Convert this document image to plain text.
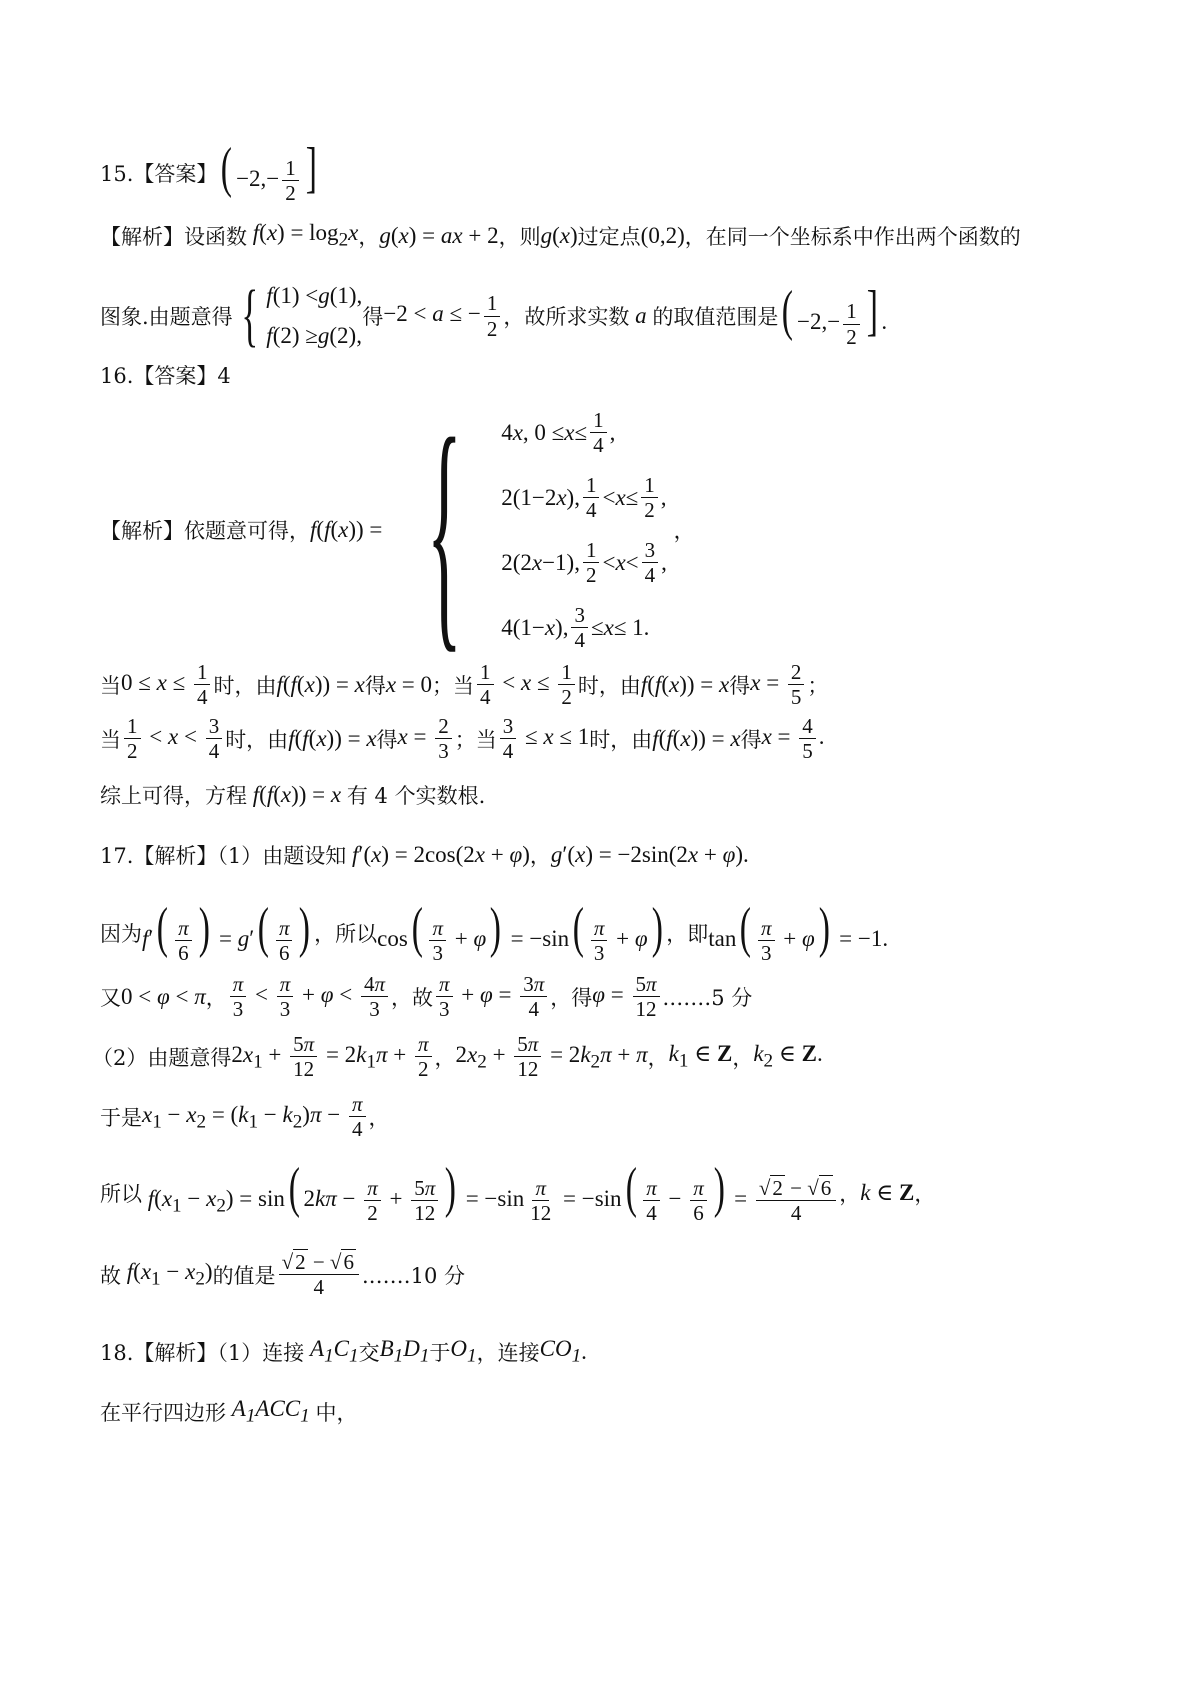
15.【答案】 ( $-2,- \frac{1}{2}$ ]
【解析】设函数 $f(x) = \log_2x$ ， g(x) = ax + 2 ，则 g(x) 过定点 (0,2) ，在同一个坐标系中作出两个函数的
图象.由题意得 { f (1) < g (1),
f (2) ≥ g (2),
得 −2 < a ≤ − $\frac{1}{2}$ ，故所求实数 a 的取值范围是 ( $-2,- \frac{1}{2}$ ] .
16.【答案】4
【解析】依题意可得， f(f(x)) = { 4 x , $0 \le x \le \frac{1}{4}$ ,
2(1−2 x ), $\frac{1}{4} < x \le \frac{1}{2}$ ,
2(2 x −1), $\frac{1}{2} < x < \frac{3}{4}$ ,
4(1− x ), $\frac{3}{4} \le x \le 1$.
，
当 $0 \le x \le \frac{1}{4}$ 时，由 f(f(x)) = x 得 x = 0 ； 当 $\frac{1}{4} < x \le \frac{1}{2}$ 时，由 f(f(x)) = x 得 $x = \frac{2}{5}$ ；
当 $\frac{1}{2} < x < \frac{3}{4}$ 时，由 f(f(x)) = x 得 $x = \frac{2}{3}$ ； 当 $\frac{3}{4} \le x \le 1$ 时，由 f(f(x)) = x 得 $x = \frac{4}{5}$ .
综上可得，方程 f(f(x)) = x 有 4 个实数根.
17.【解析】（1）由题设知 f′(x) = 2cos(2x + φ) ， g′(x) = −2sin(2x + φ).
因为 $f'( \frac{\pi}{6}$ ) = $g'( \frac{\pi}{6}$ ) ，所以 $\cos( \frac{\pi}{3} + \varphi) = -\sin( \frac{\pi}{3} + \varphi)$ ，即 $\tan( \frac{\pi}{3} + \varphi) = -1$.
又 0 < φ < π ， $\frac{\pi}{3} < \frac{\pi}{3} + \varphi < \frac{4\pi}{3}$ ，故 $\frac{\pi}{3} + \varphi = \frac{3\pi}{4}$ ，得 $\varphi = \frac{5\pi}{12}$ .……5 分
（2）由题意得 $2x_1 + \frac{5\pi}{12} = 2k_1\pi + \frac{\pi}{2}$ ， $2x_2 + \frac{5\pi}{12} = 2k_2\pi + \pi$ ， $k_1$ ∈ Z ， $k_2$ ∈ Z.
于是 $x_1 - x_2 = (k_1 - k_2)\pi - \frac{\pi}{4}$ ，
所以 $f(x_1 - x_2) = \sin$( $2k\pi - \frac{\pi}{2} + \frac{5\pi}{12}$ ) = $-\sin \frac{\pi}{12} = -\sin( \frac{\pi}{4} - \frac{\pi}{6}$ ) = $\frac{√2 - √6}{4}$ ， k ∈ Z ，
故 $f(x_1 - x_2)$ 的值是 $\frac{√2 - √6}{4}$ .……10 分
18.【解析】（1）连接 $A_1C_1$ 交 $B_1D_1$ 于 $O_1$ ，连接 $CO_1$ .
在平行四边形 $A_1ACC_1$ 中，
